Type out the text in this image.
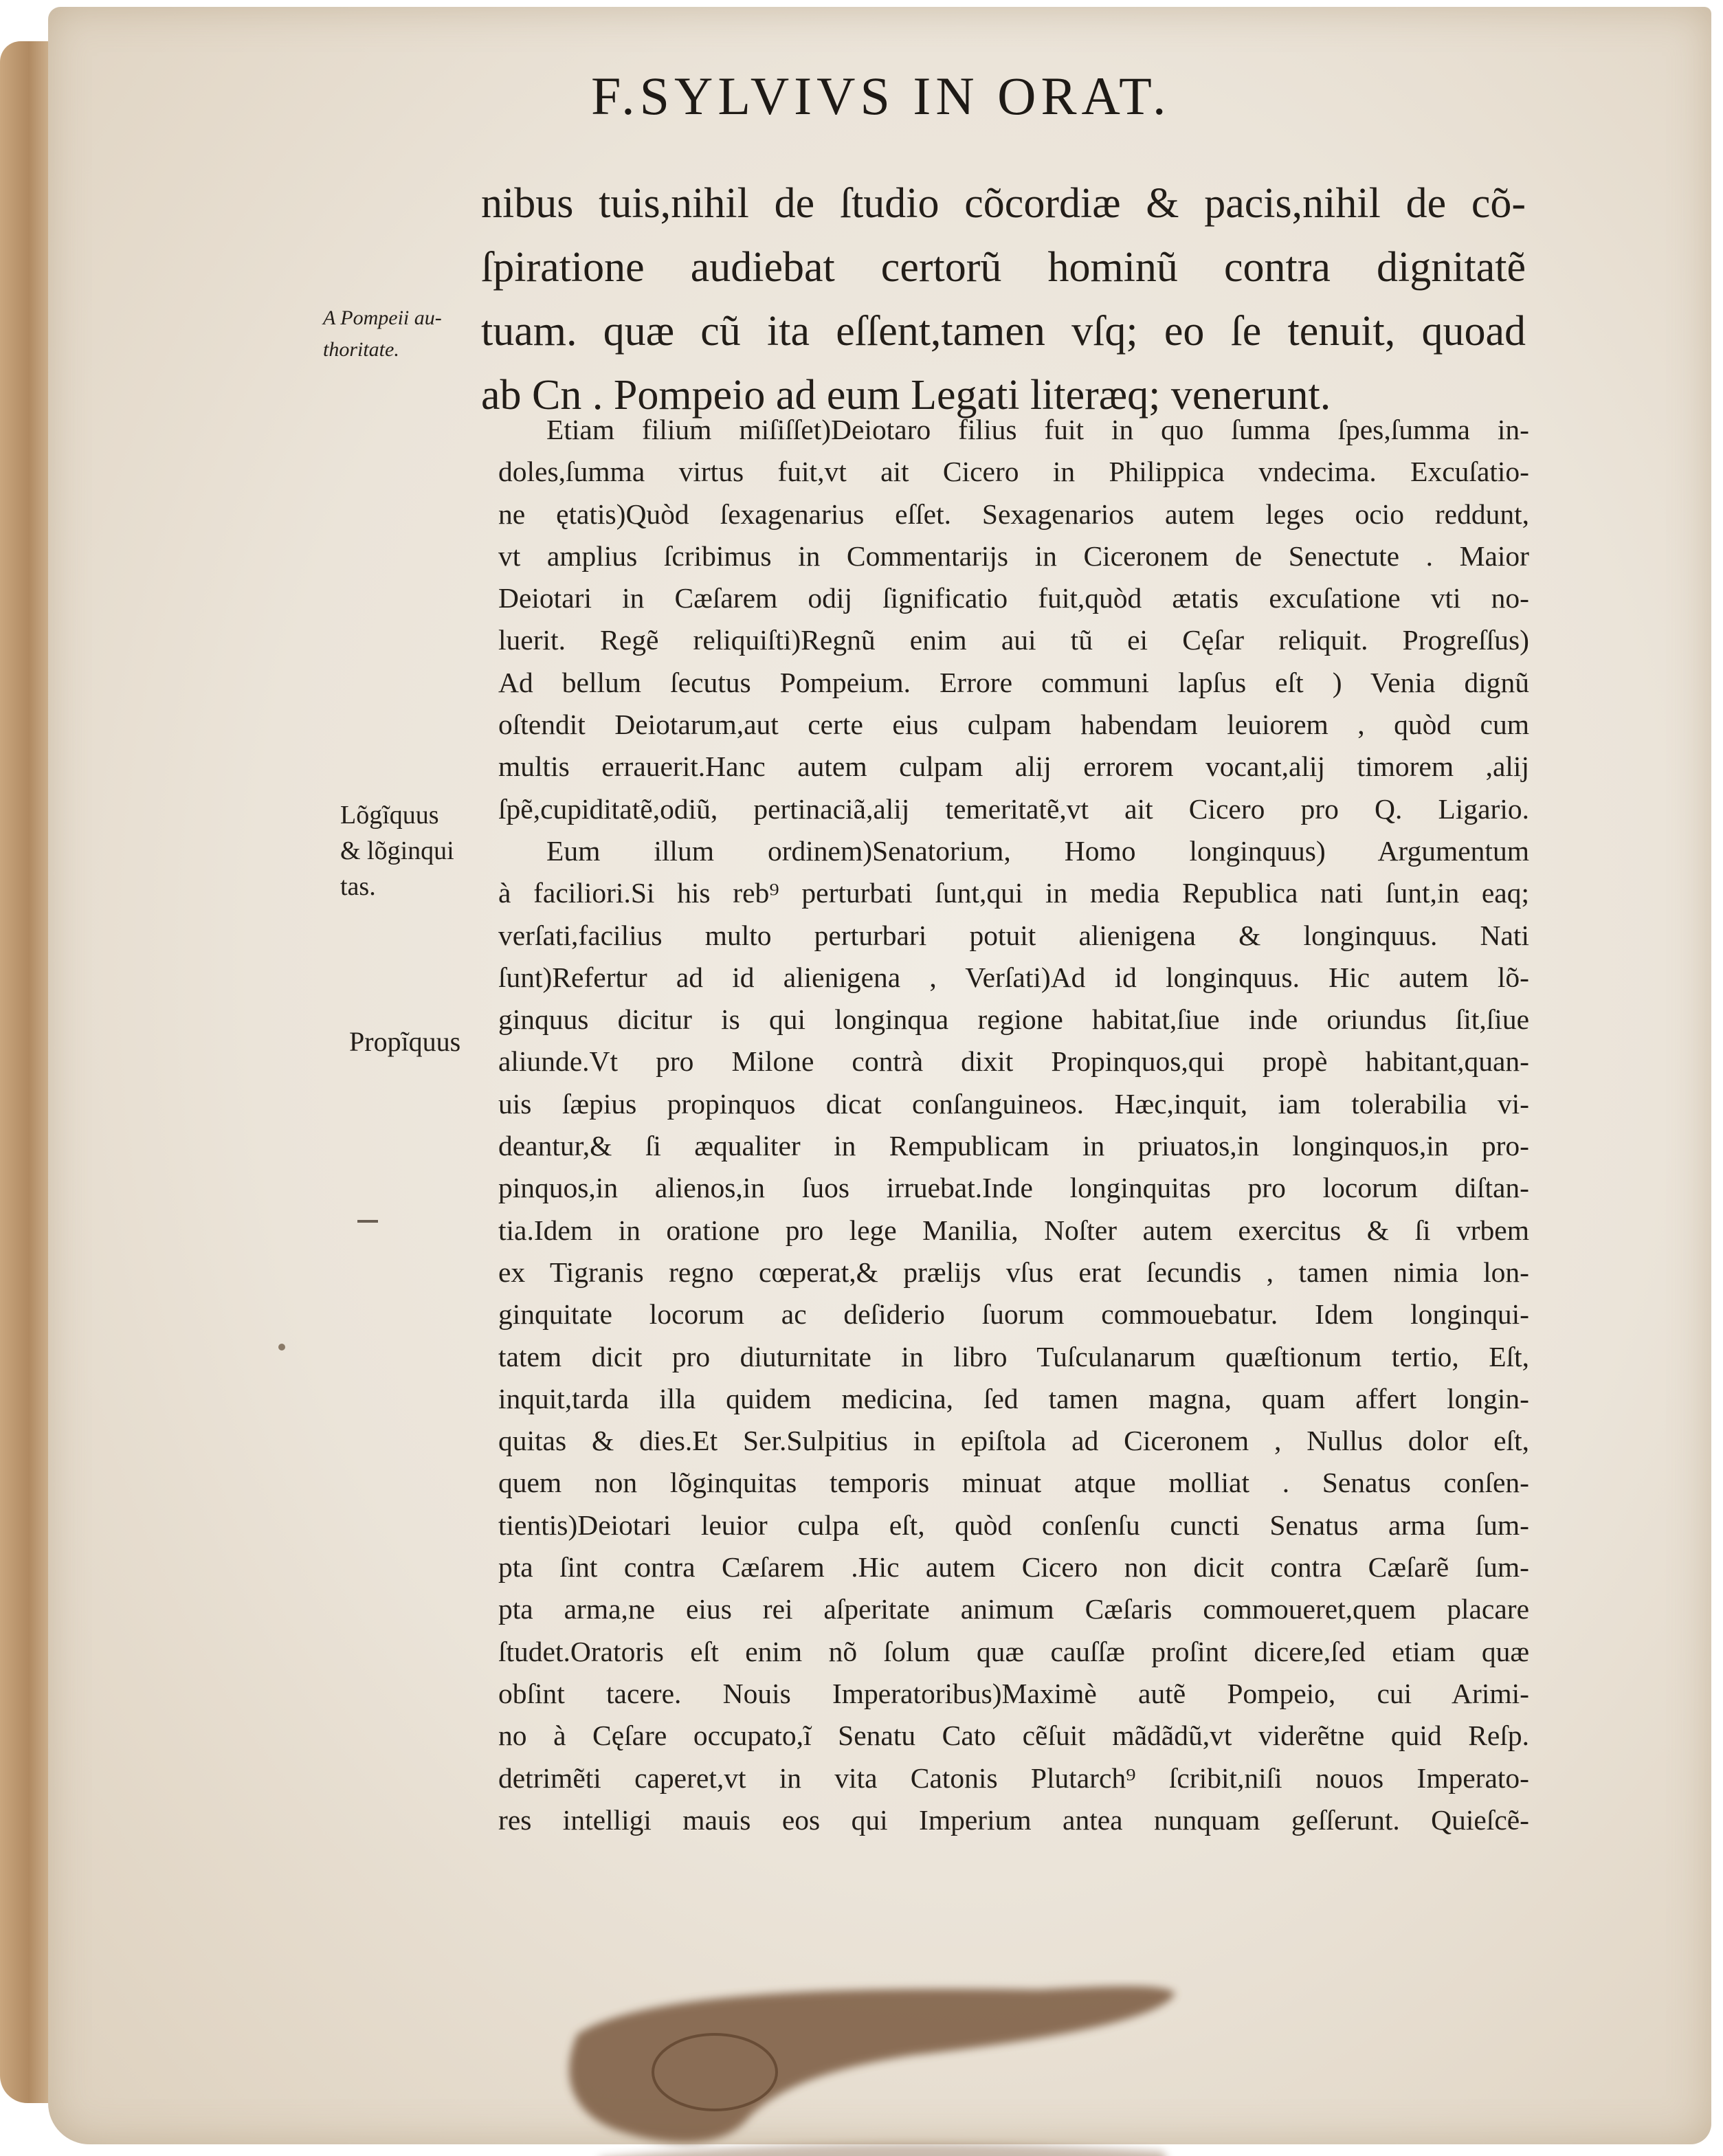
F.SYLVIVS IN ORAT.
nibus tuis,nihil de ſtudio cõcordiæ & pacis,nihil de cõ-
ſpiratione audiebat certorũ hominũ contra dignitatẽ
tuam. quæ cũ ita eſſent,tamen vſq; eo ſe tenuit, quoad
ab Cn . Pompeio ad eum Legati literæq; venerunt.
A Pompeii au-
thoritate.
Lõgĩquus
& lõginqui
tas.
Propĩquus
Etiam filium miſiſſet)Deiotaro filius fuit in quo ſumma ſpes,ſumma in-
doles,ſumma virtus fuit,vt ait Cicero in Philippica vndecima. Excuſatio-
ne ętatis)Quòd ſexagenarius eſſet. Sexagenarios autem leges ocio reddunt,
vt amplius ſcribimus in Commentarijs in Ciceronem de Senectute . Maior
Deiotari in Cæſarem odij ſignificatio fuit,quòd ætatis excuſatione vti no-
luerit. Regẽ reliquiſti)Regnũ enim aui tũ ei Cęſar reliquit. Progreſſus)
Ad bellum ſecutus Pompeium. Errore communi lapſus eſt ) Venia dignũ
oſtendit Deiotarum,aut certe eius culpam habendam leuiorem , quòd cum
multis errauerit.Hanc autem culpam alij errorem vocant,alij timorem ,alij
ſpẽ,cupiditatẽ,odiũ, pertinaciã,alij temeritatẽ,vt ait Cicero pro Q. Ligario.
Eum illum ordinem)Senatorium, Homo longinquus) Argumentum
à faciliori.Si his reb⁹ perturbati ſunt,qui in media Republica nati ſunt,in eaq;
verſati,facilius multo perturbari potuit alienigena & longinquus. Nati
ſunt)Refertur ad id alienigena , Verſati)Ad id longinquus. Hic autem lõ-
ginquus dicitur is qui longinqua regione habitat,ſiue inde oriundus ſit,ſiue
aliunde.Vt pro Milone contrà dixit Propinquos,qui propè habitant,quan-
uis ſæpius propinquos dicat conſanguineos. Hæc,inquit, iam tolerabilia vi-
deantur,& ſi æqualiter in Rempublicam in priuatos,in longinquos,in pro-
pinquos,in alienos,in ſuos irruebat.Inde longinquitas pro locorum diſtan-
tia.Idem in oratione pro lege Manilia, Noſter autem exercitus & ſi vrbem
ex Tigranis regno cœperat,& prælijs vſus erat ſecundis , tamen nimia lon-
ginquitate locorum ac deſiderio ſuorum commouebatur. Idem longinqui-
tatem dicit pro diuturnitate in libro Tuſculanarum quæſtionum tertio, Eſt,
inquit,tarda illa quidem medicina, ſed tamen magna, quam affert longin-
quitas & dies.Et Ser.Sulpitius in epiſtola ad Ciceronem , Nullus dolor eſt,
quem non lõginquitas temporis minuat atque molliat . Senatus conſen-
tientis)Deiotari leuior culpa eſt, quòd conſenſu cuncti Senatus arma ſum-
pta ſint contra Cæſarem .Hic autem Cicero non dicit contra Cæſarẽ ſum-
pta arma,ne eius rei aſperitate animum Cæſaris commoueret,quem placare
ſtudet.Oratoris eſt enim nõ ſolum quæ cauſſæ proſint dicere,ſed etiam quæ
obſint tacere. Nouis Imperatoribus)Maximè autẽ Pompeio, cui Arimi-
no à Cęſare occupato,ĩ Senatu Cato cẽſuit mãdãdũ,vt viderẽtne quid Reſp.
detrimẽti caperet,vt in vita Catonis Plutarch⁹ ſcribit,niſi nouos Imperato-
res intelligi mauis eos qui Imperium antea nunquam geſſerunt. Quieſcẽ-
